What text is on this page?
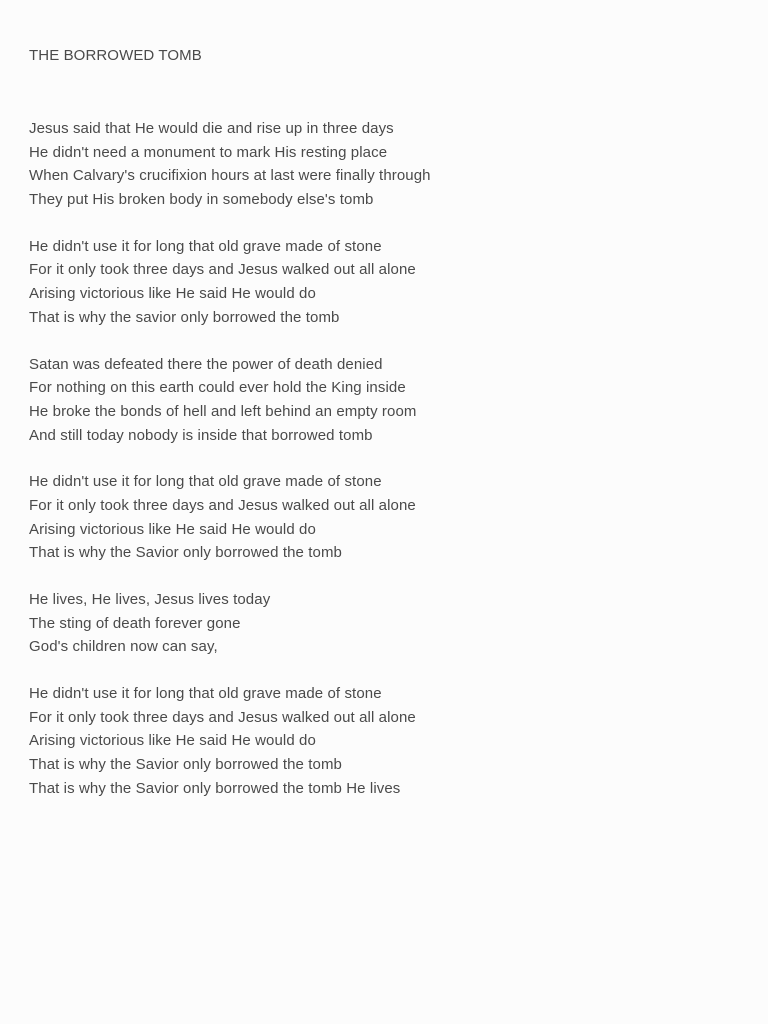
THE BORROWED TOMB
Jesus said that He would die and rise up in three days
He didn't need a monument to mark His resting place
When Calvary's crucifixion hours at last were finally through
They put His broken body in somebody else's tomb
He didn't use it for long that old grave made of stone
For it only took three days and Jesus walked out all alone
Arising victorious like He said He would do
That is why the savior only borrowed the tomb
Satan was defeated there the power of death denied
For nothing on this earth could ever hold the King inside
He broke the bonds of hell and left behind an empty room
And still today nobody is inside that borrowed tomb
He didn't use it for long that old grave made of stone
For it only took three days and Jesus walked out all alone
Arising victorious like He said He would do
That is why the Savior only borrowed the tomb
He lives, He lives, Jesus lives today
The sting of death forever gone
God's children now can say,
He didn't use it for long that old grave made of stone
For it only took three days and Jesus walked out all alone
Arising victorious like He said He would do
That is why the Savior only borrowed the tomb
That is why the Savior only borrowed the tomb He lives
